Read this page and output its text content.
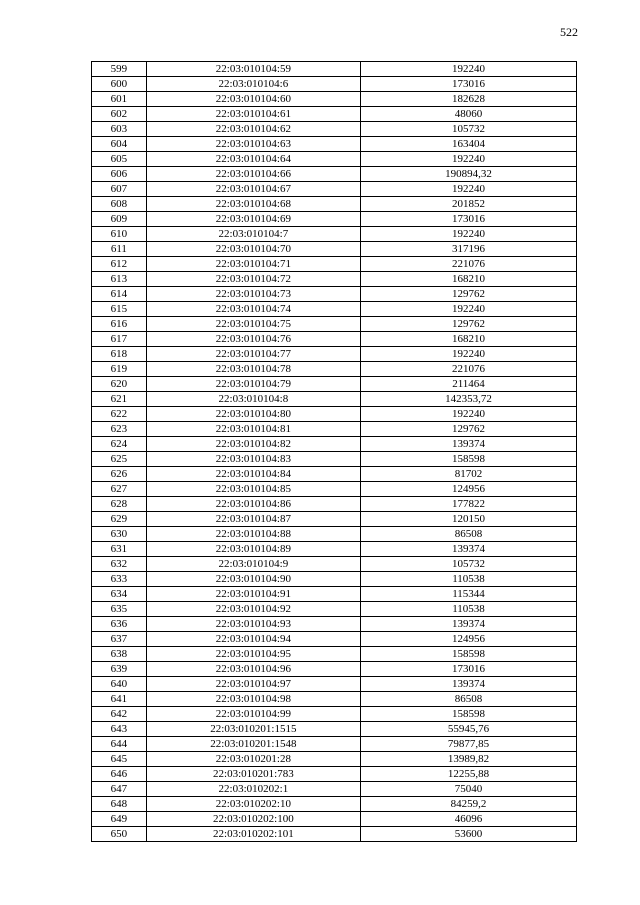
522
599	22:03:010104:59	192240
600	22:03:010104:6	173016
601	22:03:010104:60	182628
602	22:03:010104:61	48060
603	22:03:010104:62	105732
604	22:03:010104:63	163404
605	22:03:010104:64	192240
606	22:03:010104:66	190894,32
607	22:03:010104:67	192240
608	22:03:010104:68	201852
609	22:03:010104:69	173016
610	22:03:010104:7	192240
611	22:03:010104:70	317196
612	22:03:010104:71	221076
613	22:03:010104:72	168210
614	22:03:010104:73	129762
615	22:03:010104:74	192240
616	22:03:010104:75	129762
617	22:03:010104:76	168210
618	22:03:010104:77	192240
619	22:03:010104:78	221076
620	22:03:010104:79	211464
621	22:03:010104:8	142353,72
622	22:03:010104:80	192240
623	22:03:010104:81	129762
624	22:03:010104:82	139374
625	22:03:010104:83	158598
626	22:03:010104:84	81702
627	22:03:010104:85	124956
628	22:03:010104:86	177822
629	22:03:010104:87	120150
630	22:03:010104:88	86508
631	22:03:010104:89	139374
632	22:03:010104:9	105732
633	22:03:010104:90	110538
634	22:03:010104:91	115344
635	22:03:010104:92	110538
636	22:03:010104:93	139374
637	22:03:010104:94	124956
638	22:03:010104:95	158598
639	22:03:010104:96	173016
640	22:03:010104:97	139374
641	22:03:010104:98	86508
642	22:03:010104:99	158598
643	22:03:010201:1515	55945,76
644	22:03:010201:1548	79877,85
645	22:03:010201:28	13989,82
646	22:03:010201:783	12255,88
647	22:03:010202:1	75040
648	22:03:010202:10	84259,2
649	22:03:010202:100	46096
650	22:03:010202:101	53600
